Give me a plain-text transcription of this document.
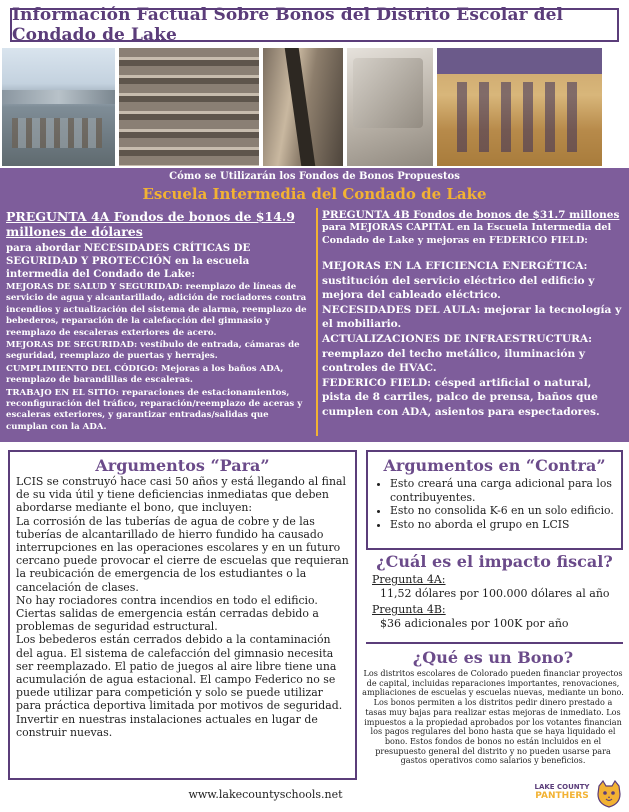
Información Factual Sobre Bonos del Distrito Escolar del Condado de Lake
Cómo se Utilizarán los Fondos de Bonos Propuestos
Escuela Intermedia del Condado de Lake
PREGUNTA 4A Fondos de bonos de $14.9 millones de dólares
para abordar NECESIDADES CRÍTICAS DE SEGURIDAD Y PROTECCIÓN en la escuela intermedia del Condado de Lake:
MEJORAS DE SALUD Y SEGURIDAD: reemplazo de líneas de servicio de agua y alcantarillado, adición de rociadores contra incendios y actualización del sistema de alarma, reemplazo de bebederos, reparación de la calefacción del gimnasio y reemplazo de escaleras exteriores de acero.
MEJORAS DE SEGURIDAD: vestíbulo de entrada, cámaras de seguridad, reemplazo de puertas y herrajes.
CUMPLIMIENTO DEL CÓDIGO: Mejoras a los baños ADA, reemplazo de barandillas de escaleras.
TRABAJO EN EL SITIO: reparaciones de estacionamientos, reconfiguración del tráfico, reparación/reemplazo de aceras y escaleras exteriores, y garantizar entradas/salidas que cumplan con la ADA.
PREGUNTA 4B Fondos de bonos de $31.7 millones
para MEJORAS CAPITAL en la Escuela Intermedia del Condado de Lake y mejoras en FEDERICO FIELD:
MEJORAS EN LA EFICIENCIA ENERGÉTICA: sustitución del servicio eléctrico del edificio y mejora del cableado eléctrico.
NECESIDADES DEL AULA: mejorar la tecnología y el mobiliario.
ACTUALIZACIONES DE INFRAESTRUCTURA: reemplazo del techo metálico, iluminación y controles de HVAC.
FEDERICO FIELD: césped artificial o natural, pista de 8 carriles, palco de prensa, baños que cumplen con ADA, asientos para espectadores.
Argumentos “Para”

LCIS se construyó hace casi 50 años y está llegando al final de su vida útil y tiene deficiencias inmediatas que deben abordarse mediante el bono, que incluyen:

La corrosión de las tuberías de agua de cobre y de las tuberías de alcantarillado de hierro fundido ha causado interrupciones en las operaciones escolares y en un futuro cercano puede provocar el cierre de escuelas que requieran la reubicación de emergencia de los estudiantes o la cancelación de clases.

No hay rociadores contra incendios en todo el edificio.

Ciertas salidas de emergencia están cerradas debido a problemas de seguridad estructural.

Los bebederos están cerrados debido a la contaminación del agua. El sistema de calefacción del gimnasio necesita ser reemplazado. El patio de juegos al aire libre tiene una acumulación de agua estacional. El campo Federico no se puede utilizar para competición y solo se puede utilizar para práctica deportiva limitada por motivos de seguridad.

Invertir en nuestras instalaciones actuales en lugar de construir nuevas.

Argumentos en “Contra”
• Esto creará una carga adicional para los contribuyentes.
• Esto no consolida K-6 en un solo edificio.
• Esto no aborda el grupo en LCIS
¿Cuál es el impacto fiscal?
Pregunta 4A:
11,52 dólares por 100.000 dólares al año
Pregunta 4B:
$36 adicionales por 100K por año
¿Qué es un Bono?

Los distritos escolares de Colorado pueden financiar proyectos de capital, incluidas reparaciones importantes, renovaciones, ampliaciones de escuelas y escuelas nuevas, mediante un bono. Los bonos permiten a los distritos pedir dinero prestado a tasas muy bajas para realizar estas mejoras de inmediato. Los impuestos a la propiedad aprobados por los votantes financian los pagos regulares del bono hasta que se haya liquidado el bono. Estos fondos de bonos no están incluidos en el presupuesto general del distrito y no pueden usarse para gastos operativos como salarios y beneficios.

www.lakecountyschools.net
LAKE COUNTY
PANTHERS
